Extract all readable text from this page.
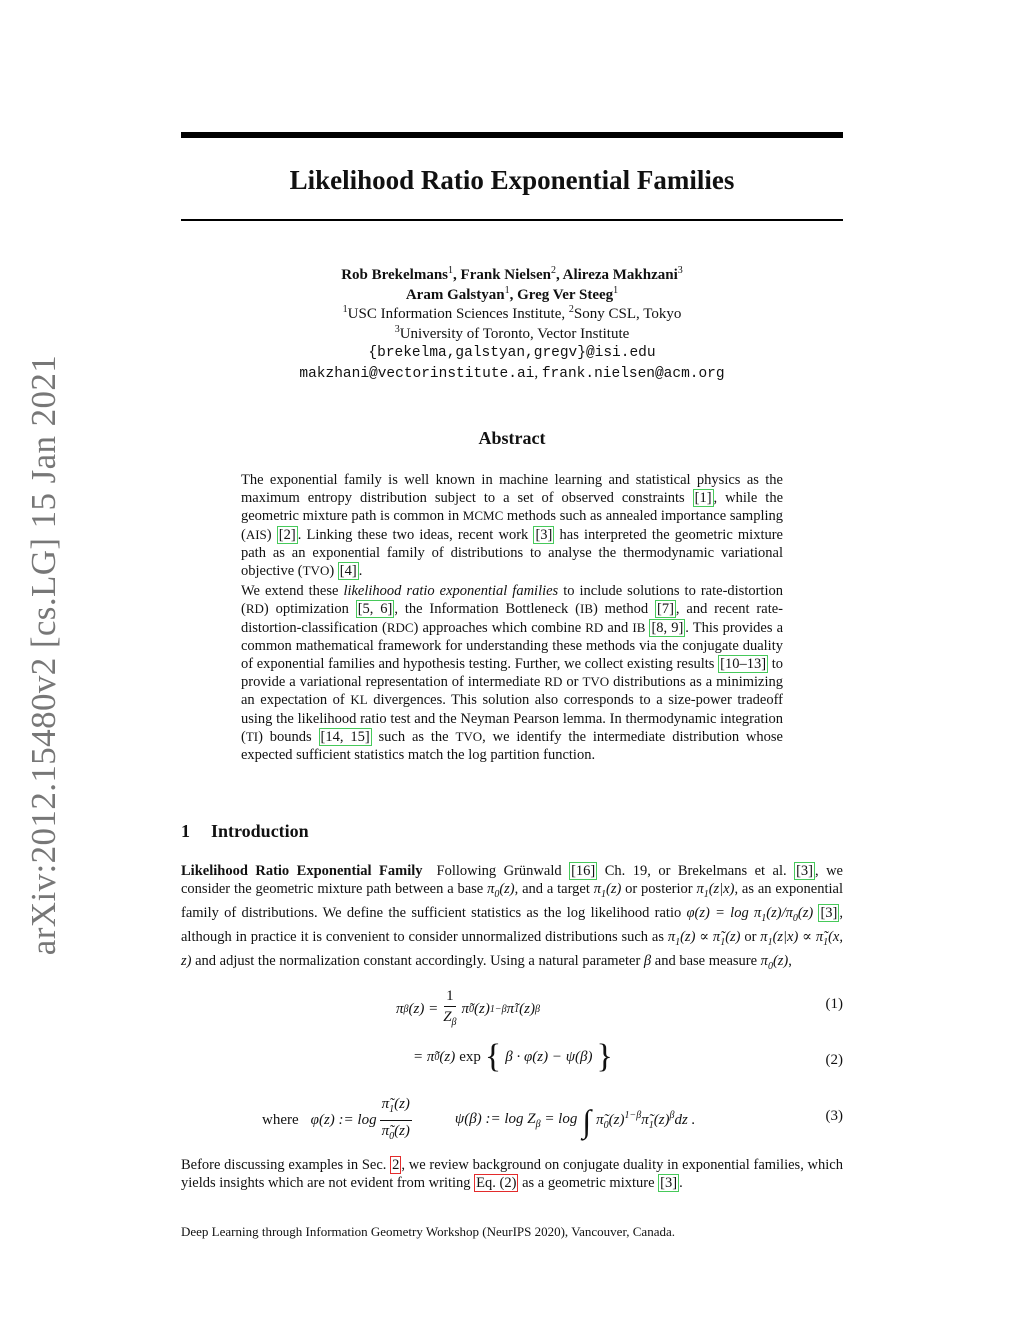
arXiv:2012.15480v2 [cs.LG] 15 Jan 2021
Likelihood Ratio Exponential Families
Rob Brekelmans$^1$, Frank Nielsen$^2$, Alireza Makhzani$^3$
Aram Galstyan$^1$, Greg Ver Steeg$^1$
$^1$USC Information Sciences Institute, $^2$Sony CSL, Tokyo
$^3$University of Toronto, Vector Institute
{brekelma,galstyan,gregv}@isi.edu
makzhani@vectorinstitute.ai, frank.nielsen@acm.org
Abstract

The exponential family is well known in machine learning and statistical physics as the maximum entropy distribution subject to a set of observed constraints [1] , while the geometric mixture path is common in MCMC methods such as annealed importance sampling (AIS) [2] . Linking these two ideas, recent work [3] has interpreted the geometric mixture path as an exponential family of distributions to analyse the thermodynamic variational objective (TVO) [4] .

We extend these likelihood ratio exponential families to include solutions to rate-distortion (RD) optimization [5, 6] , the Information Bottleneck (IB) method [7] , and recent rate-distortion-classification (RDC) approaches which combine RD and IB [8, 9] . This provides a common mathematical framework for understanding these methods via the conjugate duality of exponential families and hypothesis testing. Further, we collect existing results [10–13] to provide a variational representation of intermediate RD or TVO distributions as a minimizing an expectation of KL divergences. This solution also corresponds to a size-power tradeoff using the likelihood ratio test and the Neyman Pearson lemma. In thermodynamic integration (TI) bounds [14, 15] such as the TVO, we identify the intermediate distribution whose expected sufficient statistics match the log partition function.

1 Introduction
Likelihood Ratio Exponential Family Following Grünwald [16] Ch. 19, or Brekelmans et al. [3] , we consider the geometric mixture path between a base $\pi_0(z)$, and a target $\pi_1(z)$ or posterior $\pi_1(z|x)$, as an exponential family of distributions. We define the sufficient statistics as the log likelihood ratio $\varphi(z) = \log \pi_1(z)/\pi_0(z)$ [3] , although in practice it is convenient to consider unnormalized distributions such as $\pi_1(z)$ ∝ $\pĩ_1(z)$ or $\pi_1(z|x)$ ∝ $\pĩ_1(x$, z) and adjust the normalization constant accordingly. Using a natural parameter β and base measure $\pi_0(z)$,
π β $(z) = \frac{1}{Z_\beta}$ π̃ 0 (z) 1−β π̃ 1 (z) β	(1)
= π̃ 0 (z) exp { β · φ(z) − ψ(β) }	(2)
where φ(z) := $\log \frac{\pĩ_1(z)}{\pĩ_0(z)}$	ψ(β) := $\log Z_\beta = \log$ ∫ $\pĩ_0(z)^{1-\beta}\pĩ_1(z)^\beta dz$ .	(3)
Before discussing examples in Sec. 2 , we review background on conjugate duality in exponential families, which yields insights which are not evident from writing Eq. (2) as a geometric mixture [3] .
Deep Learning through Information Geometry Workshop (NeurIPS 2020), Vancouver, Canada.
